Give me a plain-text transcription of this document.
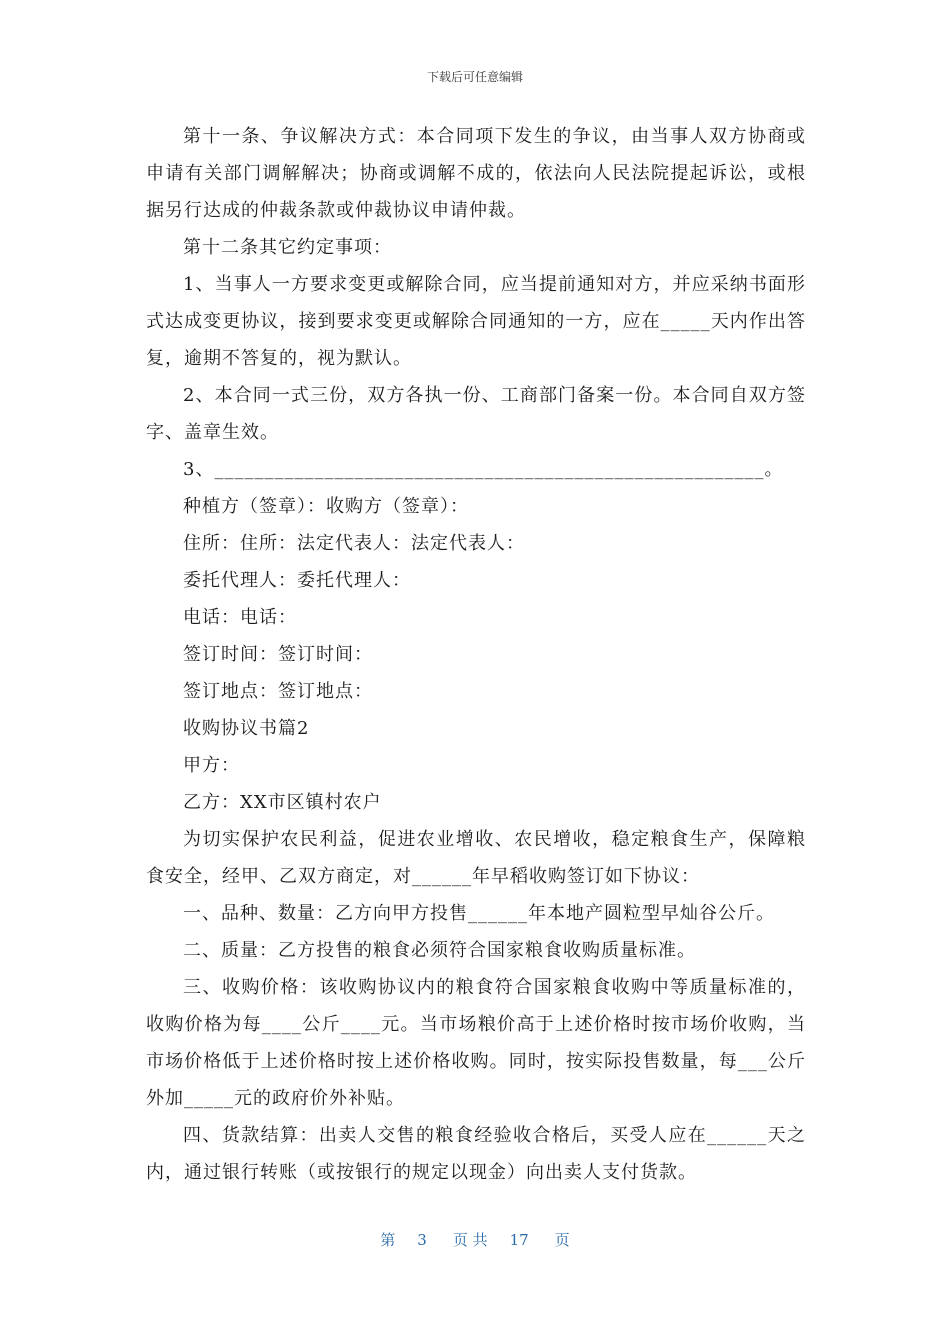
下载后可任意编辑

第十一条、争议解决方式：本合同项下发生的争议，由当事人双方协商或申请有关部门调解解决；协商或调解不成的，依法向人民法院提起诉讼，或根据另行达成的仲裁条款或仲裁协议申请仲裁。

第十二条其它约定事项：

1、当事人一方要求变更或解除合同，应当提前通知对方，并应采纳书面形式达成变更协议，接到要求变更或解除合同通知的一方，应在_____天内作出答复，逾期不答复的，视为默认。

2、本合同一式三份，双方各执一份、工商部门备案一份。本合同自双方签字、盖章生效。

3、_______________________________________________________。

种植方（签章）：收购方（签章）：

住所：住所：法定代表人：法定代表人：

委托代理人：委托代理人：

电话：电话：

签订时间：签订时间：

签订地点：签订地点：

收购协议书篇2

甲方：

乙方：XX市区镇村农户

为切实保护农民利益，促进农业增收、农民增收，稳定粮食生产，保障粮食安全，经甲、乙双方商定，对______年早稻收购签订如下协议：

一、品种、数量：乙方向甲方投售______年本地产圆粒型早灿谷公斤。

二、质量：乙方投售的粮食必须符合国家粮食收购质量标准。

三、收购价格：该收购协议内的粮食符合国家粮食收购中等质量标准的，收购价格为每____公斤____元。当市场粮价高于上述价格时按市场价收购，当市场价格低于上述价格时按上述价格收购。同时，按实际投售数量，每___公斤外加_____元的政府价外补贴。

四、货款结算：出卖人交售的粮食经验收合格后，买受人应在______天之内，通过银行转账（或按银行的规定以现金）向出卖人支付货款。

第 3 页 共 17 页
